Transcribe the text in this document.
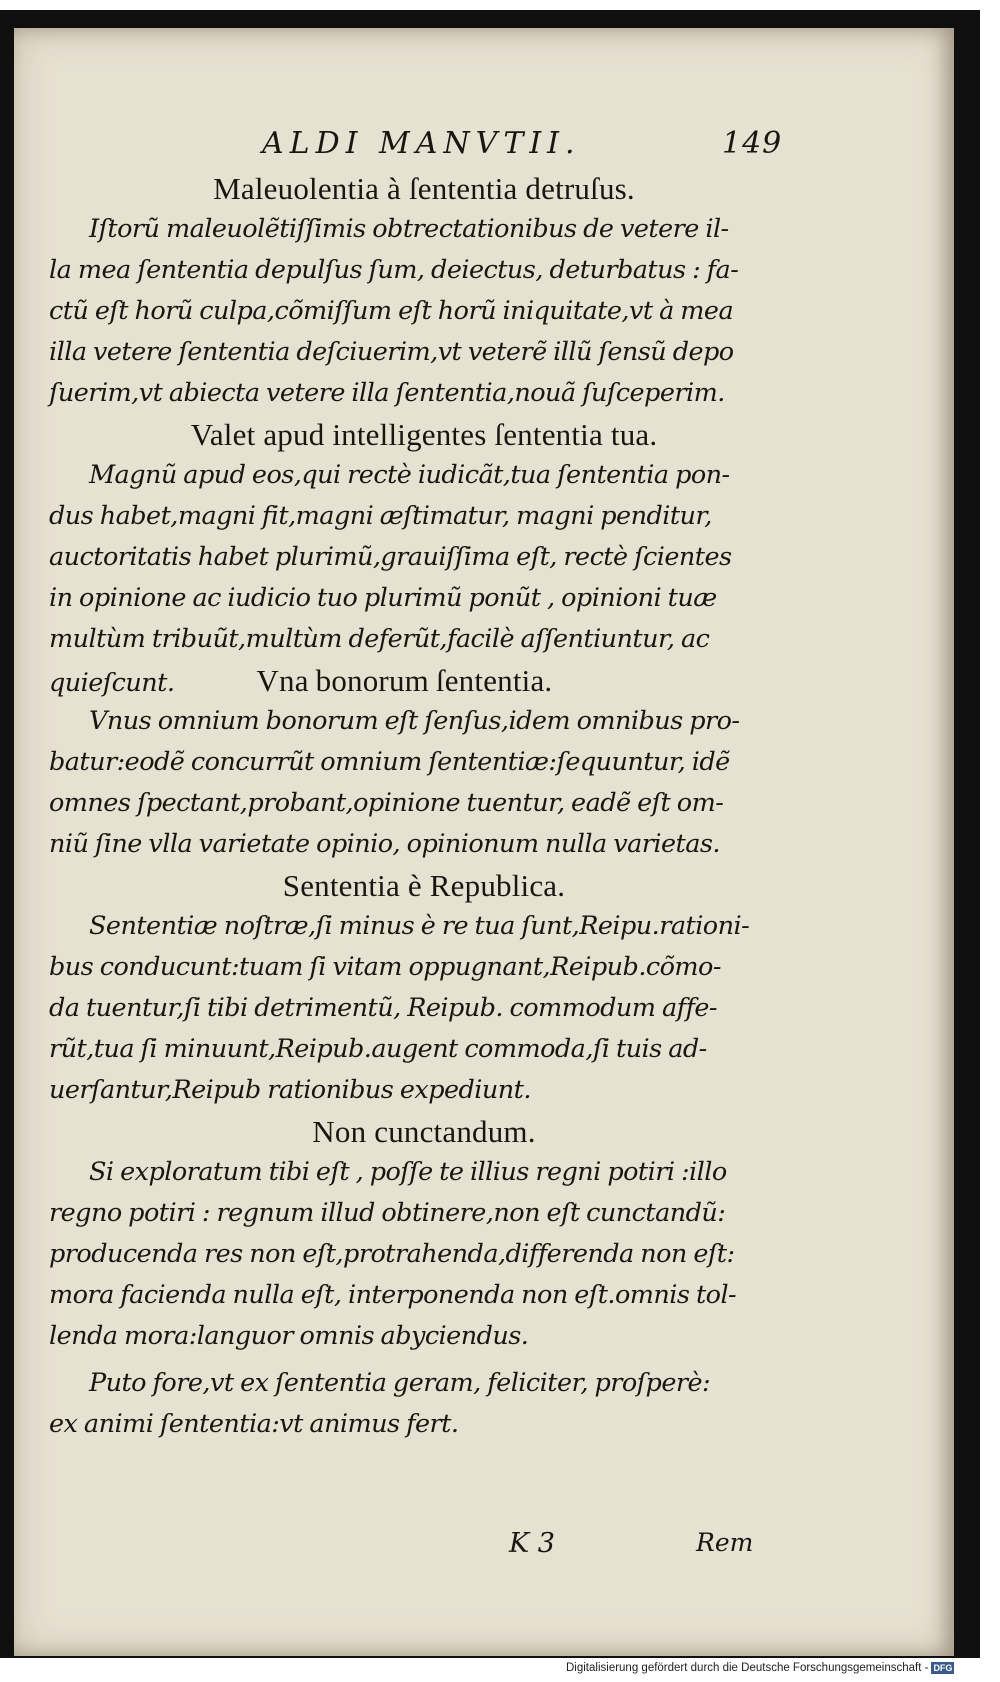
ALDI MANVTII.	149
Maleuolentia à ſententia detruſus.
Iſtorũ maleuolẽtiſſimis obtrectationibus de vetere il-
la mea ſententia depulſus ſum, deiectus, deturbatus : fa-
ctũ eſt horũ culpa,cõmiſſum eſt horũ iniquitate,vt à mea
illa vetere ſententia deſciuerim,vt veterẽ illũ ſensũ depo
ſuerim,vt abiecta vetere illa ſententia,nouã ſuſceperim.
Valet apud intelligentes ſententia tua.
Magnũ apud eos,qui rectè iudicãt,tua ſententia pon-
dus habet,magni fit,magni æſtimatur, magni penditur,
auctoritatis habet plurimũ,grauiſſima eſt, rectè ſcientes
in opinione ac iudicio tuo plurimũ ponũt , opinioni tuæ
multùm tribuũt,multùm deferũt,facilè aſſentiuntur, ac
quieſcunt.	Vna bonorum ſententia.
Vnus omnium bonorum eſt ſenſus,idem omnibus pro-
batur:eodẽ concurrũt omnium ſententiæ:ſequuntur, idẽ
omnes ſpectant,probant,opinione tuentur, eadẽ eſt om-
niũ ſine vlla varietate opinio, opinionum nulla varietas.
Sententia è Republica.
Sententiæ noſtræ,ſi minus è re tua ſunt,Reipu.rationi-
bus conducunt:tuam ſi vitam oppugnant,Reipub.cõmo-
da tuentur,ſi tibi detrimentũ, Reipub. commodum affe-
rũt,tua ſi minuunt,Reipub.augent commoda,ſi tuis ad-
uerſantur,Reipub rationibus expediunt.
Non cunctandum.
Si exploratum tibi eſt , poſſe te illius regni potiri :illo
regno potiri : regnum illud obtinere,non eſt cunctandũ:
producenda res non eſt,protrahenda,differenda non eſt:
mora facienda nulla eſt, interponenda non eſt.omnis tol-
lenda mora:languor omnis abyciendus.
Puto fore,vt ex ſententia geram, feliciter, proſperè:
ex animi ſententia:vt animus fert.
K 3	Rem
Digitalisierung gefördert durch die Deutsche Forschungsgemeinschaft - DFG
